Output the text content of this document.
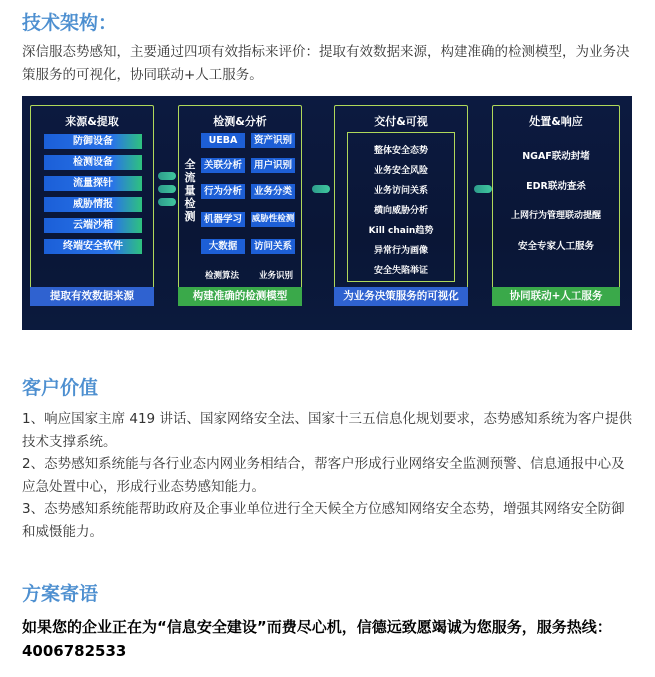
技术架构：
深信服态势感知，主要通过四项有效指标来评价：提取有效数据来源，构建准确的检测模型，为业务决策服务的可视化，协同联动+人工服务。
来源&提取
防御设备
检测设备
流量探针
威胁情报
云端沙箱
终端安全软件
提取有效数据来源
检测&分析
全流量检测
UEBA	资产识别
关联分析	用户识别
行为分析	业务分类
机器学习	威胁性检测
大数据	访问关系
检测算法 业务识别
构建准确的检测模型
交付&可视
整体安全态势
业务安全风险
业务访问关系
横向威胁分析
Kill chain趋势
异常行为画像
安全失陷举证
为业务决策服务的可视化
处置&响应
NGAF联动封堵
EDR联动查杀
上网行为管理联动提醒
安全专家人工服务
协同联动+人工服务
客户价值
1、响应国家主席 419 讲话、国家网络安全法、国家十三五信息化规划要求，态势感知系统为客户提供技术支撑系统。
2、态势感知系统能与各行业态内网业务相结合，帮客户形成行业网络安全监测预警、信息通报中心及应急处置中心，形成行业态势感知能力。
3、态势感知系统能帮助政府及企事业单位进行全天候全方位感知网络安全态势，增强其网络安全防御和威慑能力。
方案寄语
如果您的企业正在为“信息安全建设”而费尽心机，信德远致愿竭诚为您服务，服务热线：4006782533
